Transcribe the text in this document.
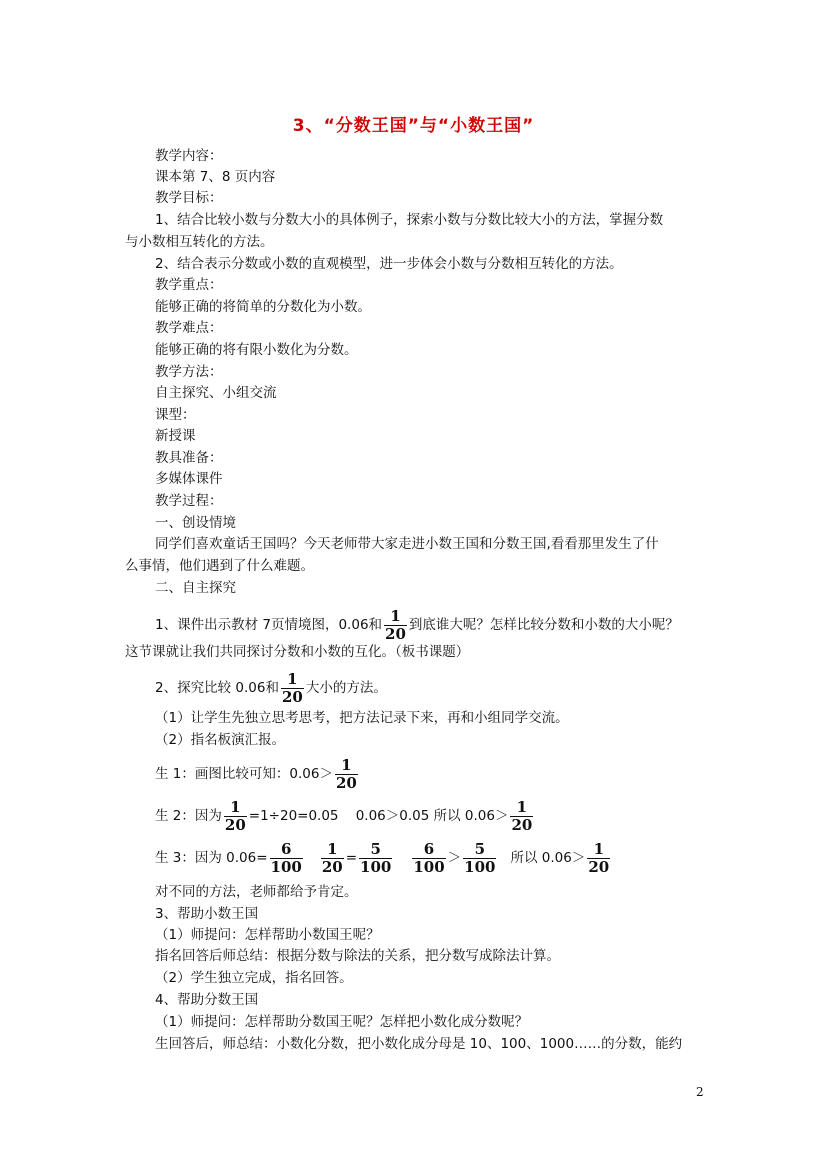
3、“分数王国”与“小数王国”
教学内容：
课本第 7、8 页内容
教学目标：
1、结合比较小数与分数大小的具体例子，探索小数与分数比较大小的方法，掌握分数
与小数相互转化的方法。
2、结合表示分数或小数的直观模型，进一步体会小数与分数相互转化的方法。
教学重点：
能够正确的将简单的分数化为小数。
教学难点：
能够正确的将有限小数化为分数。
教学方法：
自主探究、小组交流
课型：
新授课
教具准备：
多媒体课件
教学过程：
一、创设情境
同学们喜欢童话王国吗？今天老师带大家走进小数王国和分数王国,看看那里发生了什
么事情，他们遇到了什么难题。
二、自主探究
1、课件出示教材 7页情境图，0.06和 $\frac{1}{20}$ 到底谁大呢？怎样比较分数和小数的大小呢？
这节课就让我们共同探讨分数和小数的互化。（板书课题）
2、探究比较 0.06和 $\frac{1}{20}$ 大小的方法。
（1）让学生先独立思考思考，把方法记录下来，再和小组同学交流。
（2）指名板演汇报。
生 1：画图比较可知：$0.06> \frac{1}{20}$
生 2：因为 $\frac{1}{20} =1\div 20=0.05$    0.06＞0.05 所以 $0.06> \frac{1}{20}$
生 3：因为 $0.06= \frac{6}{100} \frac{1}{20} = \frac{5}{100} \frac{6}{100} > \frac{5}{100}$ 所以 $0.06> \frac{1}{20}$
对不同的方法，老师都给予肯定。
3、帮助小数王国
（1）师提问：怎样帮助小数国王呢？
指名回答后师总结：根据分数与除法的关系，把分数写成除法计算。
（2）学生独立完成，指名回答。
4、帮助分数王国
（1）师提问：怎样帮助分数国王呢？怎样把小数化成分数呢？
生回答后，师总结：小数化分数，把小数化成分母是 10、100、1000……的分数，能约
2
